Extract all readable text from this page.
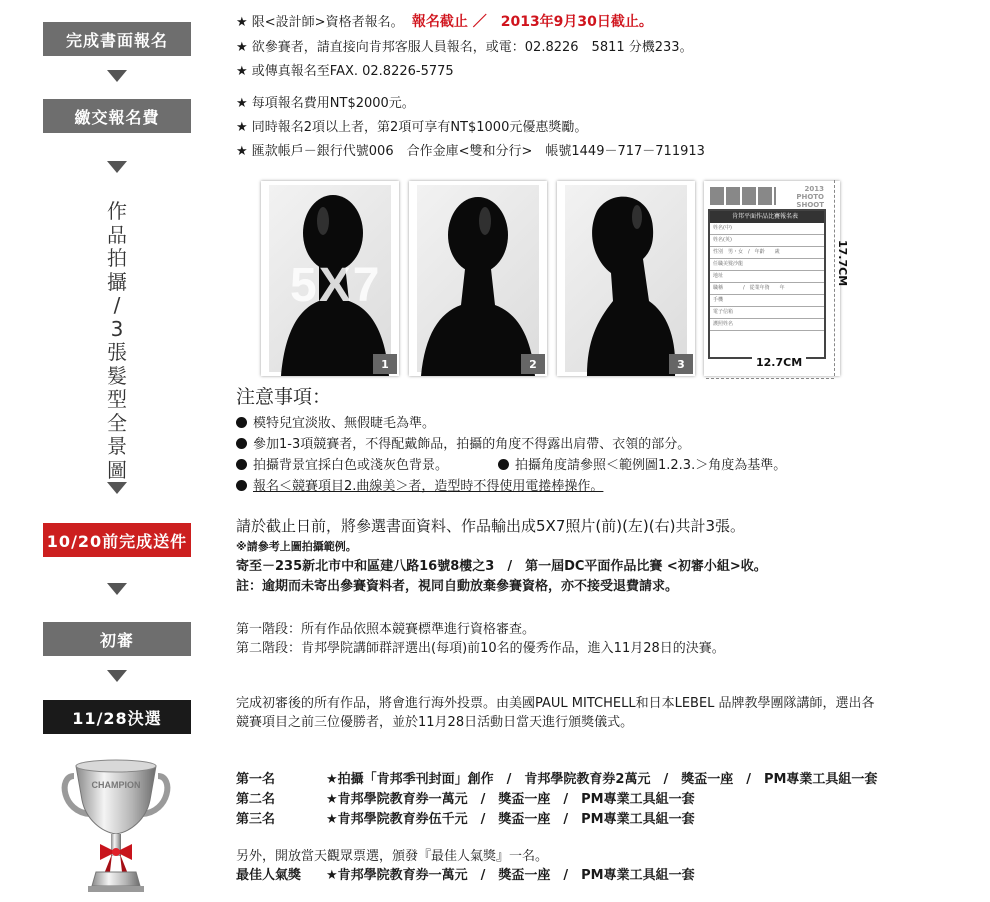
完成書面報名
繳交報名費
作
品
拍
攝
/
3
張
髮
型
全
景
圖
10/20前完成送件
初審
11/28決選
CHAMPION
★ 限<設計師>資格者報名。 報名截止 ／　2013年9月30日截止。
★ 欲參賽者，請直接向肯邦客服人員報名，或電：02.8226　5811 分機233。
★ 或傳真報名至FAX. 02.8226-5775
★ 每項報名費用NT$2000元。
★ 同時報名2項以上者，第2項可享有NT$1000元優惠獎勵。
★ 匯款帳戶－銀行代號006　合作金庫<雙和分行>　帳號1449－717－711913
1
5X7
2	3
2013 PHOTO SHOOT
肯邦平面作品比賽報名表
姓名(中)
姓名(英)
性別　男・女　/　年齡　　歲
任職美髮沙龍
地址
職稱　　　　/　從業年資　　年
手機
電子信箱
護照姓名
17.7CM
12.7CM
注意事項：
模特兒宜淡妝、無假睫毛為準。
參加1-3項競賽者，不得配戴飾品，拍攝的角度不得露出肩帶、衣領的部分。
拍攝背景宜採白色或淺灰色背景。	拍攝角度請參照＜範例圖1.2.3.＞角度為基準。
報名＜競賽項目2.曲線美＞者，造型時不得使用電捲棒操作。
請於截止日前，將參選書面資料、作品輸出成5X7照片(前)(左)(右)共計3張。
※請參考上圖拍攝範例。
寄至－235新北市中和區建八路16號8樓之3　/　第一屆DC平面作品比賽 <初審小組>收。
註：逾期而未寄出參賽資料者，視同自動放棄參賽資格，亦不接受退費請求。
第一階段：所有作品依照本競賽標準進行資格審查。
第二階段：肯邦學院講師群評選出(每項)前10名的優秀作品，進入11月28日的決賽。
完成初審後的所有作品，將會進行海外投票。由美國PAUL MITCHELL和日本LEBEL 品牌教學團隊講師，選出各
競賽項目之前三位優勝者，並於11月28日活動日當天進行頒獎儀式。
第一名	★拍攝「肯邦季刊封面」創作　/　肯邦學院教育券2萬元　/　獎盃一座　/　PM專業工具組一套
第二名	★肯邦學院教育券一萬元　/　獎盃一座　/　PM專業工具組一套
第三名	★肯邦學院教育券伍千元　/　獎盃一座　/　PM專業工具組一套
另外，開放當天觀眾票選，頒發『最佳人氣獎』一名。
最佳人氣獎 ★肯邦學院教育券一萬元　/　獎盃一座　/　PM專業工具組一套
